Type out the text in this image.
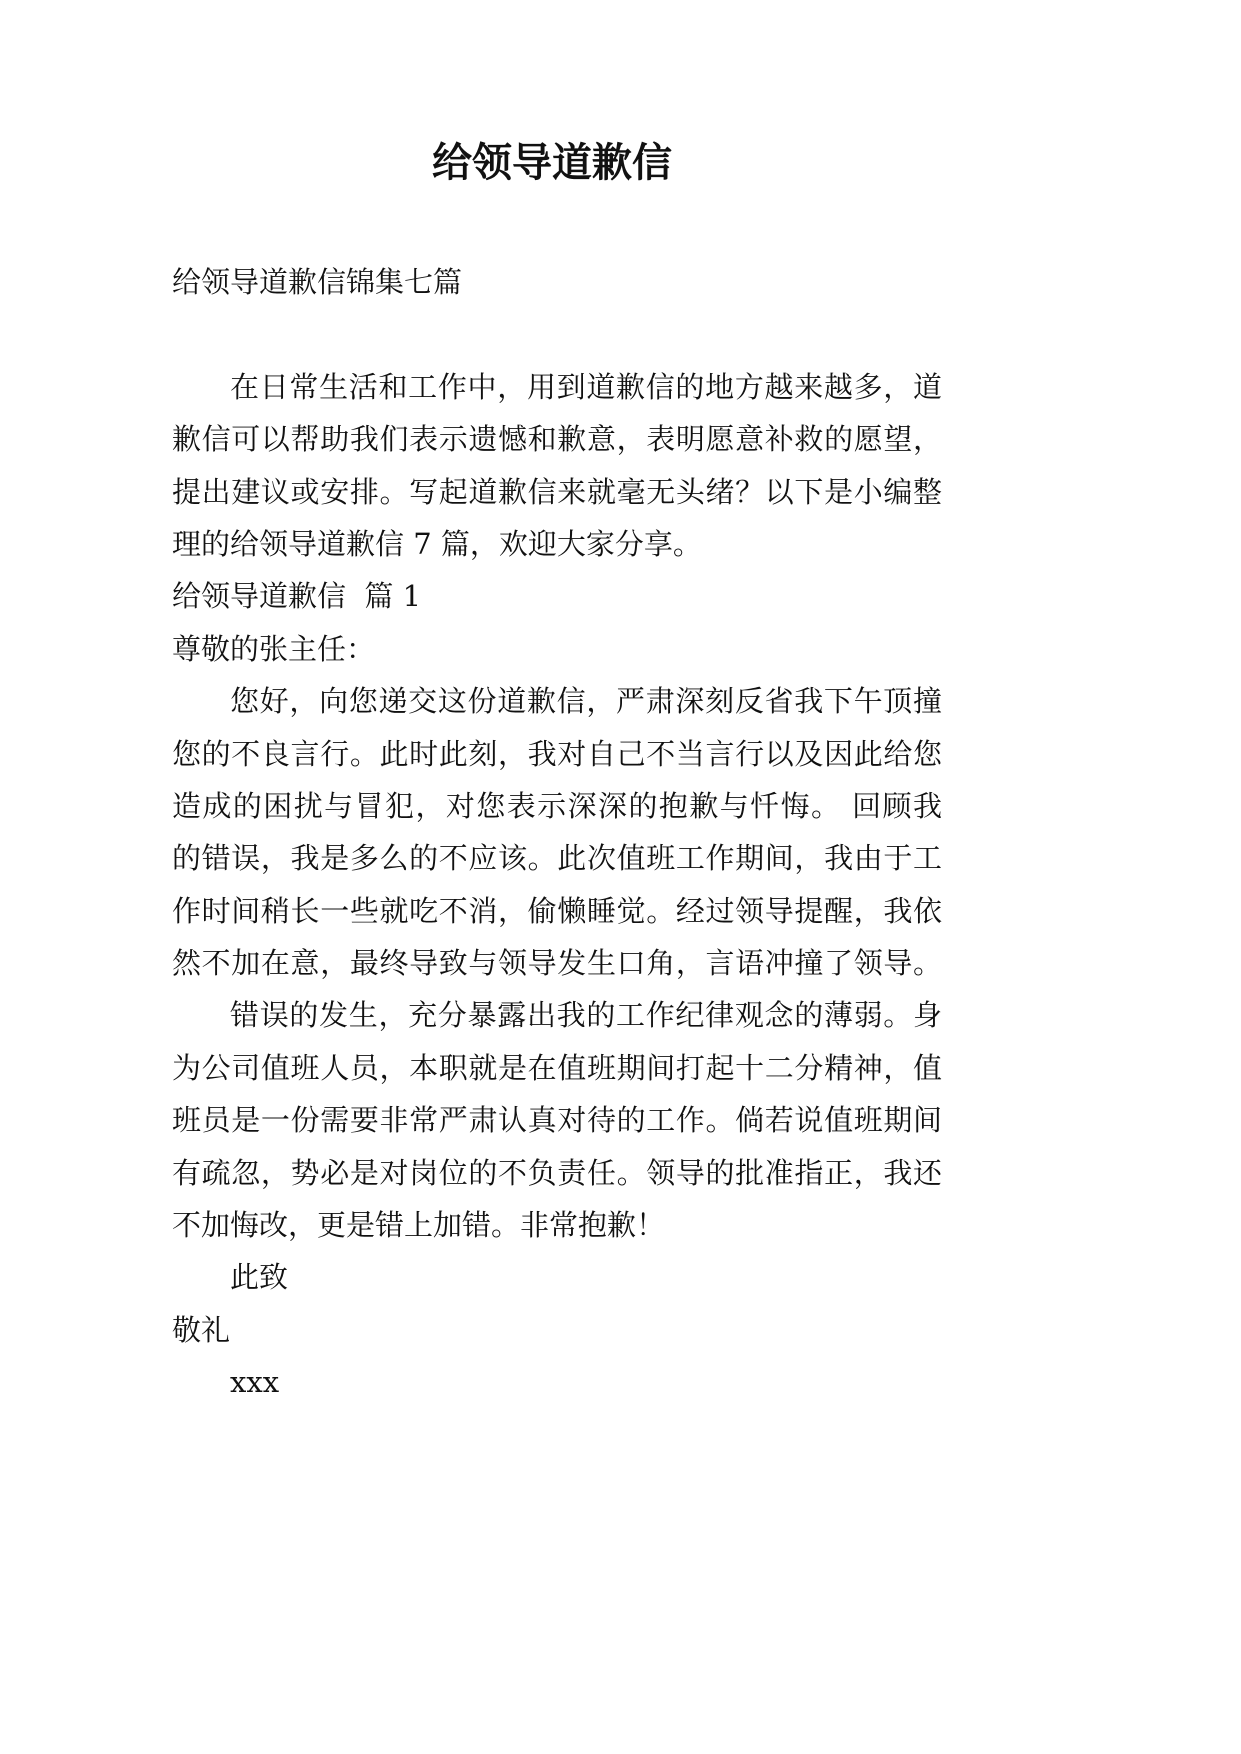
给领导道歉信
给领导道歉信锦集七篇
在日常生活和工作中，用到道歉信的地方越来越多，道
歉信可以帮助我们表示遗憾和歉意，表明愿意补救的愿望，
提出建议或安排。写起道歉信来就毫无头绪？以下是小编整
理的给领导道歉信 7 篇，欢迎大家分享。
给领导道歉信  篇 1
尊敬的张主任：
您好，向您递交这份道歉信，严肃深刻反省我下午顶撞
您的不良言行。此时此刻，我对自己不当言行以及因此给您
造成的困扰与冒犯，对您表示深深的抱歉与忏悔。 回顾我
的错误，我是多么的不应该。此次值班工作期间，我由于工
作时间稍长一些就吃不消，偷懒睡觉。经过领导提醒，我依
然不加在意，最终导致与领导发生口角，言语冲撞了领导。
错误的发生，充分暴露出我的工作纪律观念的薄弱。身
为公司值班人员，本职就是在值班期间打起十二分精神，值
班员是一份需要非常严肃认真对待的工作。倘若说值班期间
有疏忽，势必是对岗位的不负责任。领导的批准指正，我还
不加悔改，更是错上加错。非常抱歉！
此致
敬礼
xxx
